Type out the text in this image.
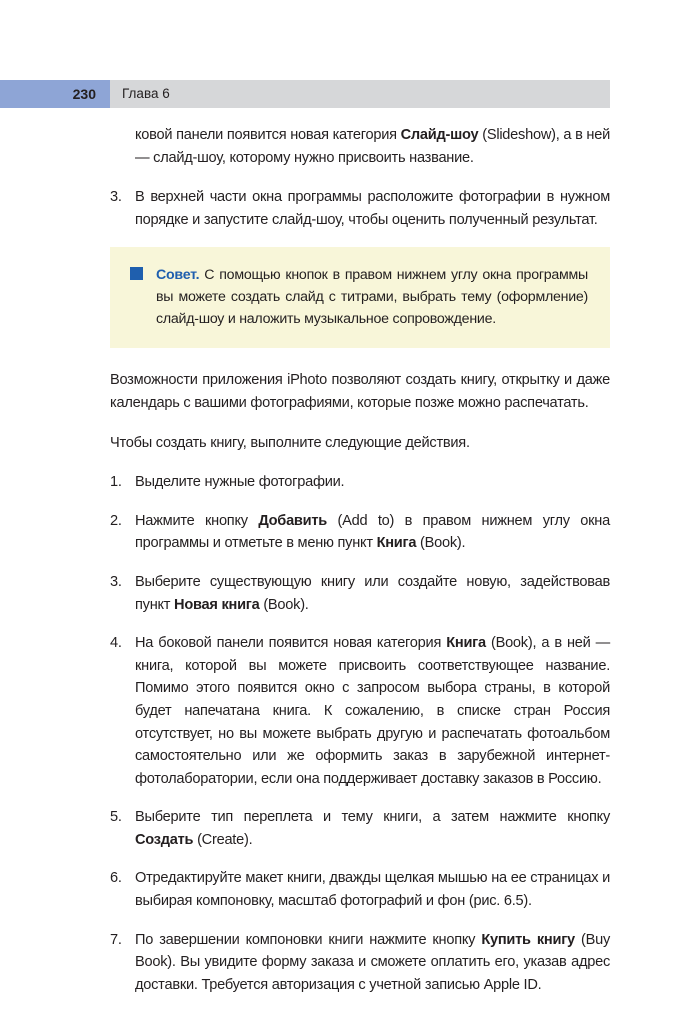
230	Глава 6
ковой панели появится новая категория Слайд-шоу (Slideshow), а в ней — слайд-шоу, которому нужно присвоить название.
3. В верхней части окна программы расположите фотографии в нужном порядке и запустите слайд-шоу, чтобы оценить полученный результат.
Совет. С помощью кнопок в правом нижнем углу окна программы вы можете создать слайд с титрами, выбрать тему (оформление) слайд-шоу и наложить музыкальное сопровождение.
Возможности приложения iPhoto позволяют создать книгу, открытку и даже календарь с вашими фотографиями, которые позже можно распечатать.
Чтобы создать книгу, выполните следующие действия.
1. Выделите нужные фотографии.
2. Нажмите кнопку Добавить (Add to) в правом нижнем углу окна программы и отметьте в меню пункт Книга (Book).
3. Выберите существующую книгу или создайте новую, задействовав пункт Новая книга (Book).
4. На боковой панели появится новая категория Книга (Book), а в ней — книга, которой вы можете присвоить соответствующее название. Помимо этого появится окно с запросом выбора страны, в которой будет напечатана книга. К сожалению, в списке стран Россия отсутствует, но вы можете выбрать другую и распечатать фотоальбом самостоятельно или же оформить заказ в зарубежной интернет-фотолаборатории, если она поддерживает доставку заказов в Россию.
5. Выберите тип переплета и тему книги, а затем нажмите кнопку Создать (Create).
6. Отредактируйте макет книги, дважды щелкая мышью на ее страницах и выбирая компоновку, масштаб фотографий и фон (рис. 6.5).
7. По завершении компоновки книги нажмите кнопку Купить книгу (Buy Book). Вы увидите форму заказа и сможете оплатить его, указав адрес доставки. Требуется авторизация с учетной записью Apple ID.
